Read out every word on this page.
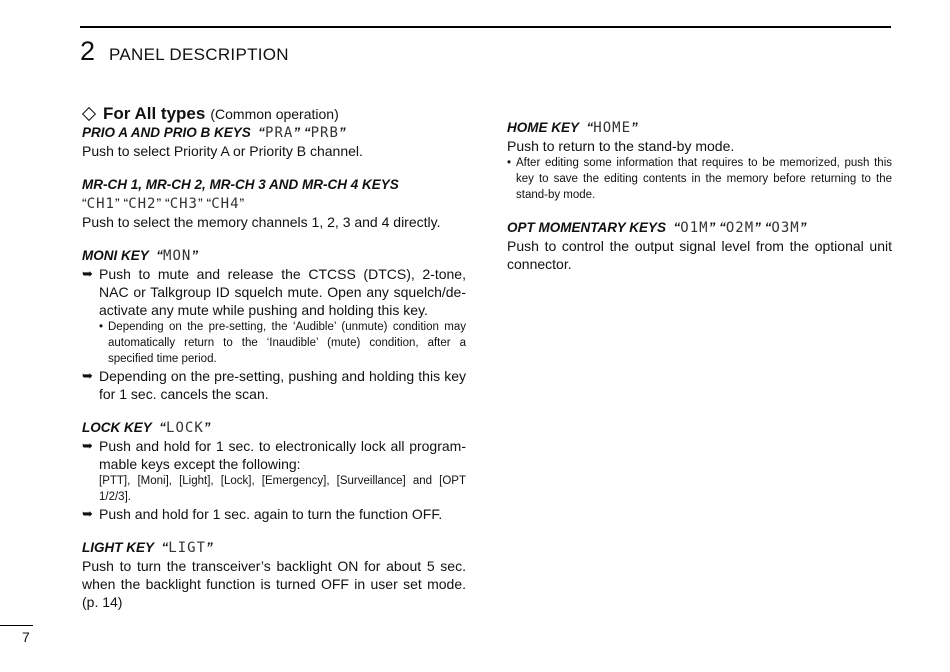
2 PANEL DESCRIPTION
For All types (Common operation)
PRIO A AND PRIO B KEYS “PRA” “PRB”
Push to select Priority A or Priority B channel.
MR-CH 1, MR-CH 2, MR-CH 3 AND MR-CH 4 KEYS
“CH1” “CH2” “CH3” “CH4”
Push to select the memory channels 1, 2, 3 and 4 directly.
MONI KEY “MON”
➥ Push to mute and release the CTCSS (DTCS), 2-tone, NAC or Talkgroup ID squelch mute. Open any squelch/de-activate any mute while pushing and holding this key.
• Depending on the pre-setting, the ‘Audible’ (unmute) condition may automatically return to the ‘Inaudible’ (mute) condition, after a specified time period.
➥ Depending on the pre-setting, pushing and holding this key for 1 sec. cancels the scan.
LOCK KEY “LOCK”
➥ Push and hold for 1 sec. to electronically lock all program-mable keys except the following:
[PTT], [Moni], [Light], [Lock], [Emergency], [Surveillance] and [OPT 1/2/3].
➥ Push and hold for 1 sec. again to turn the function OFF.
LIGHT KEY “LIGT”
Push to turn the transceiver’s backlight ON for about 5 sec. when the backlight function is turned OFF in user set mode. (p. 14)
HOME KEY “HOME”
Push to return to the stand-by mode.
• After editing some information that requires to be memorized, push this key to save the editing contents in the memory before returning to the stand-by mode.
OPT MOMENTARY KEYS “O1M” “O2M” “O3M”
Push to control the output signal level from the optional unit connector.
7
